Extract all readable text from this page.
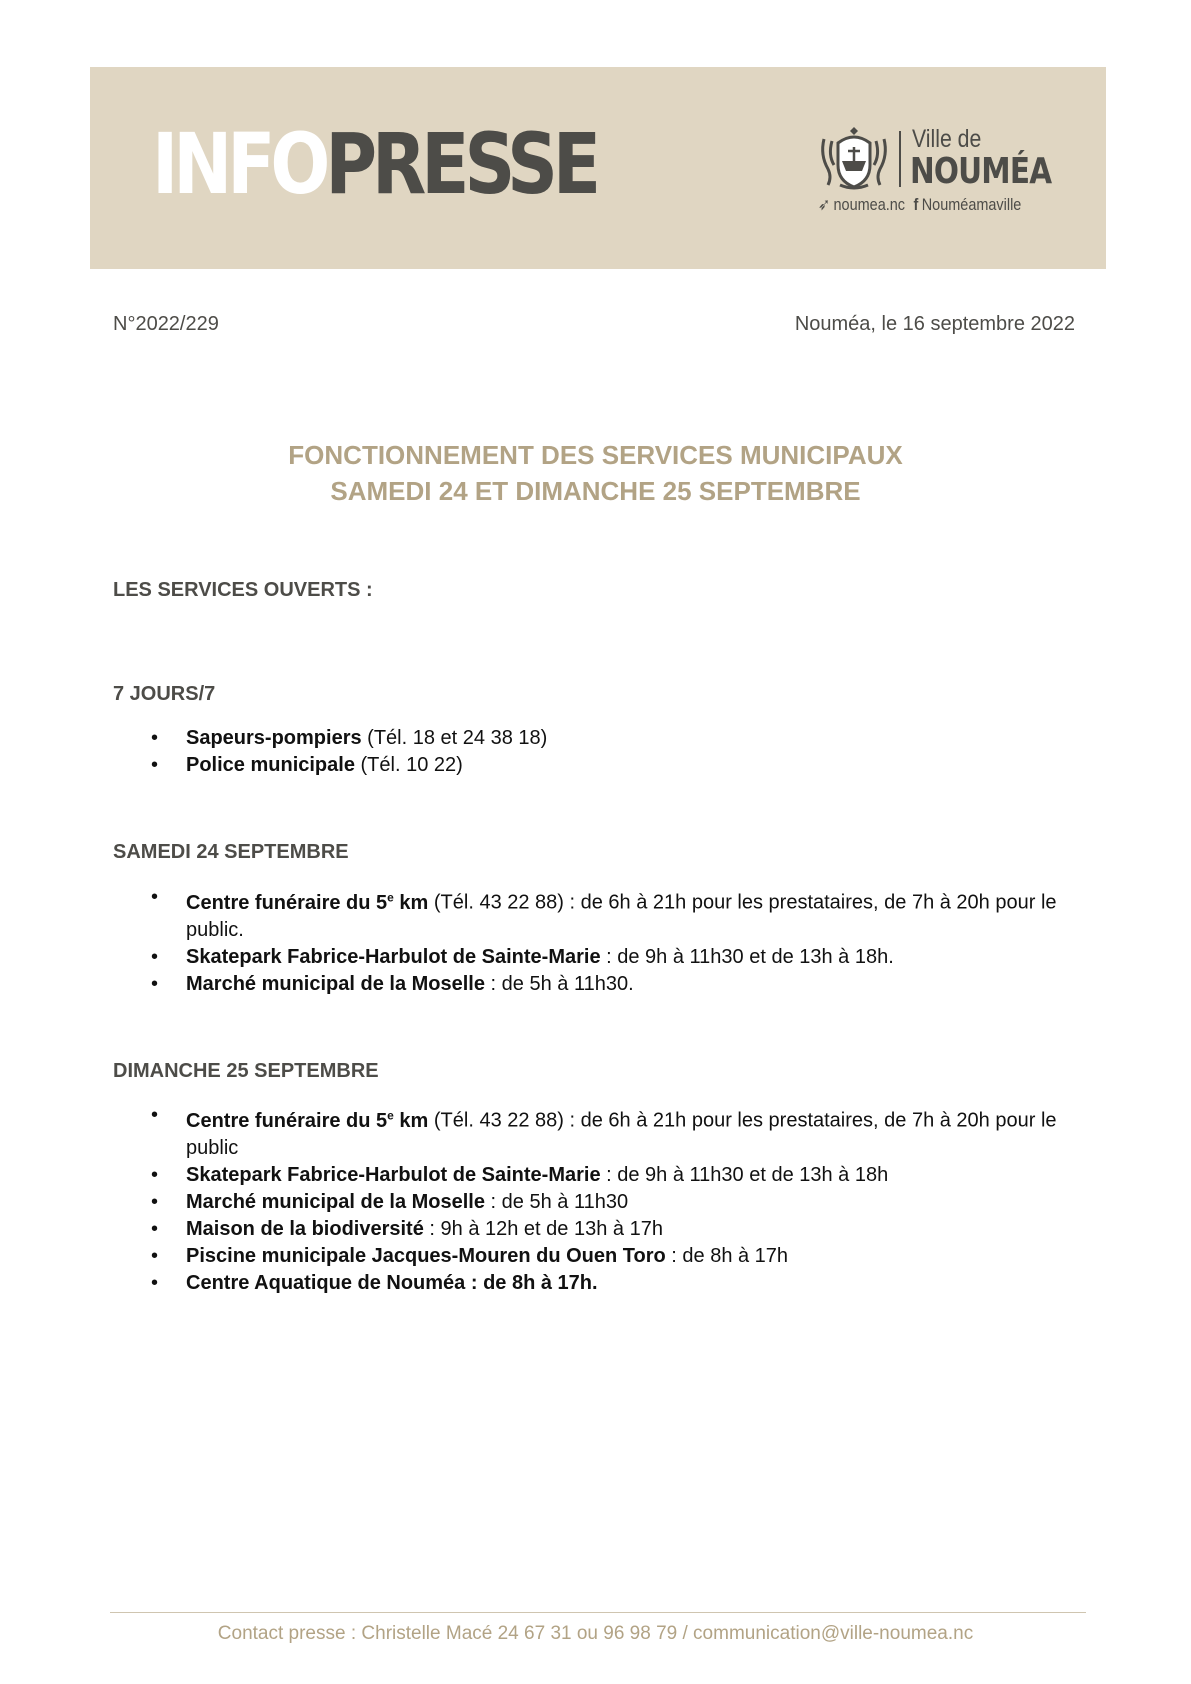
INFOPRESSE	Ville de
NOUMÉA
➶ noumea.nc f Nouméamaville
N°2022/229	Nouméa, le 16 septembre 2022
FONCTIONNEMENT DES SERVICES MUNICIPAUX
SAMEDI 24 ET DIMANCHE 25 SEPTEMBRE
LES SERVICES OUVERTS :
7 JOURS/7
• Sapeurs-pompiers (Tél. 18 et 24 38 18)
• Police municipale (Tél. 10 22)
SAMEDI 24 SEPTEMBRE
• Centre funéraire du 5e km (Tél. 43 22 88) : de 6h à 21h pour les prestataires, de 7h à 20h pour le public.
• Skatepark Fabrice-Harbulot de Sainte-Marie : de 9h à 11h30 et de 13h à 18h.
• Marché municipal de la Moselle : de 5h à 11h30.
DIMANCHE 25 SEPTEMBRE
• Centre funéraire du 5e km (Tél. 43 22 88) : de 6h à 21h pour les prestataires, de 7h à 20h pour le public
• Skatepark Fabrice-Harbulot de Sainte-Marie : de 9h à 11h30 et de 13h à 18h
• Marché municipal de la Moselle : de 5h à 11h30
• Maison de la biodiversité : 9h à 12h et de 13h à 17h
• Piscine municipale Jacques-Mouren du Ouen Toro : de 8h à 17h
• Centre Aquatique de Nouméa : de 8h à 17h.
Contact presse : Christelle Macé 24 67 31 ou 96 98 79 / communication@ville-noumea.nc
